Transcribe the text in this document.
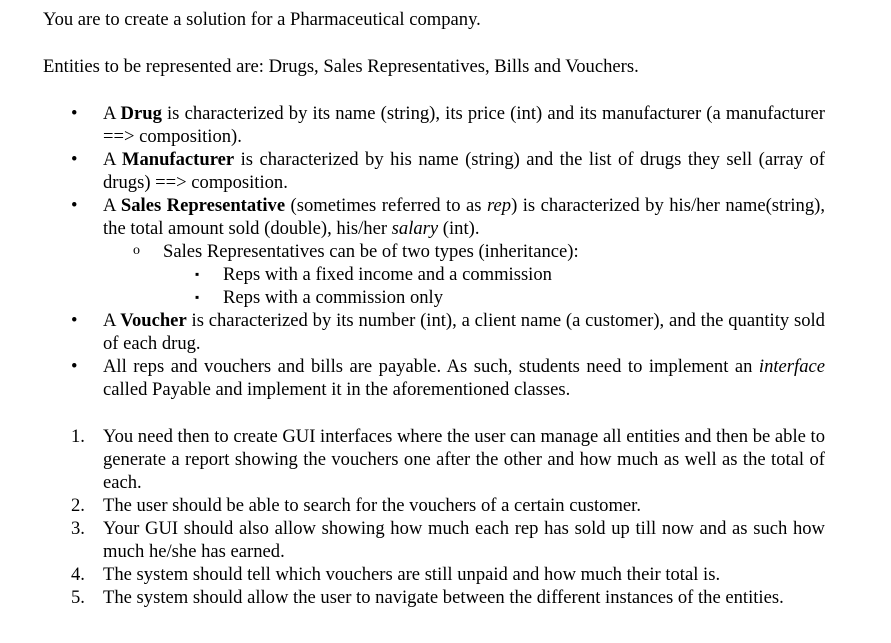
You are to create a solution for a Pharmaceutical company.

Entities to be represented are: Drugs, Sales Representatives, Bills and Vouchers.

• A Drug is characterized by its name (string), its price (int) and its manufacturer (a manufacturer ==> composition).
• A Manufacturer is characterized by his name (string) and the list of drugs they sell (array of drugs) ==> composition.
• A Sales Representative (sometimes referred to as rep) is characterized by his/her name(string), the total amount sold (double), his/her salary (int).
o Sales Representatives can be of two types (inheritance):
▪ Reps with a fixed income and a commission
▪ Reps with a commission only
• A Voucher is characterized by its number (int), a client name (a customer), and the quantity sold of each drug.
• All reps and vouchers and bills are payable. As such, students need to implement an interface called Payable and implement it in the aforementioned classes.
1. You need then to create GUI interfaces where the user can manage all entities and then be able to generate a report showing the vouchers one after the other and how much as well as the total of each.
2. The user should be able to search for the vouchers of a certain customer.
3. Your GUI should also allow showing how much each rep has sold up till now and as such how much he/she has earned.
4. The system should tell which vouchers are still unpaid and how much their total is.
5. The system should allow the user to navigate between the different instances of the entities.
